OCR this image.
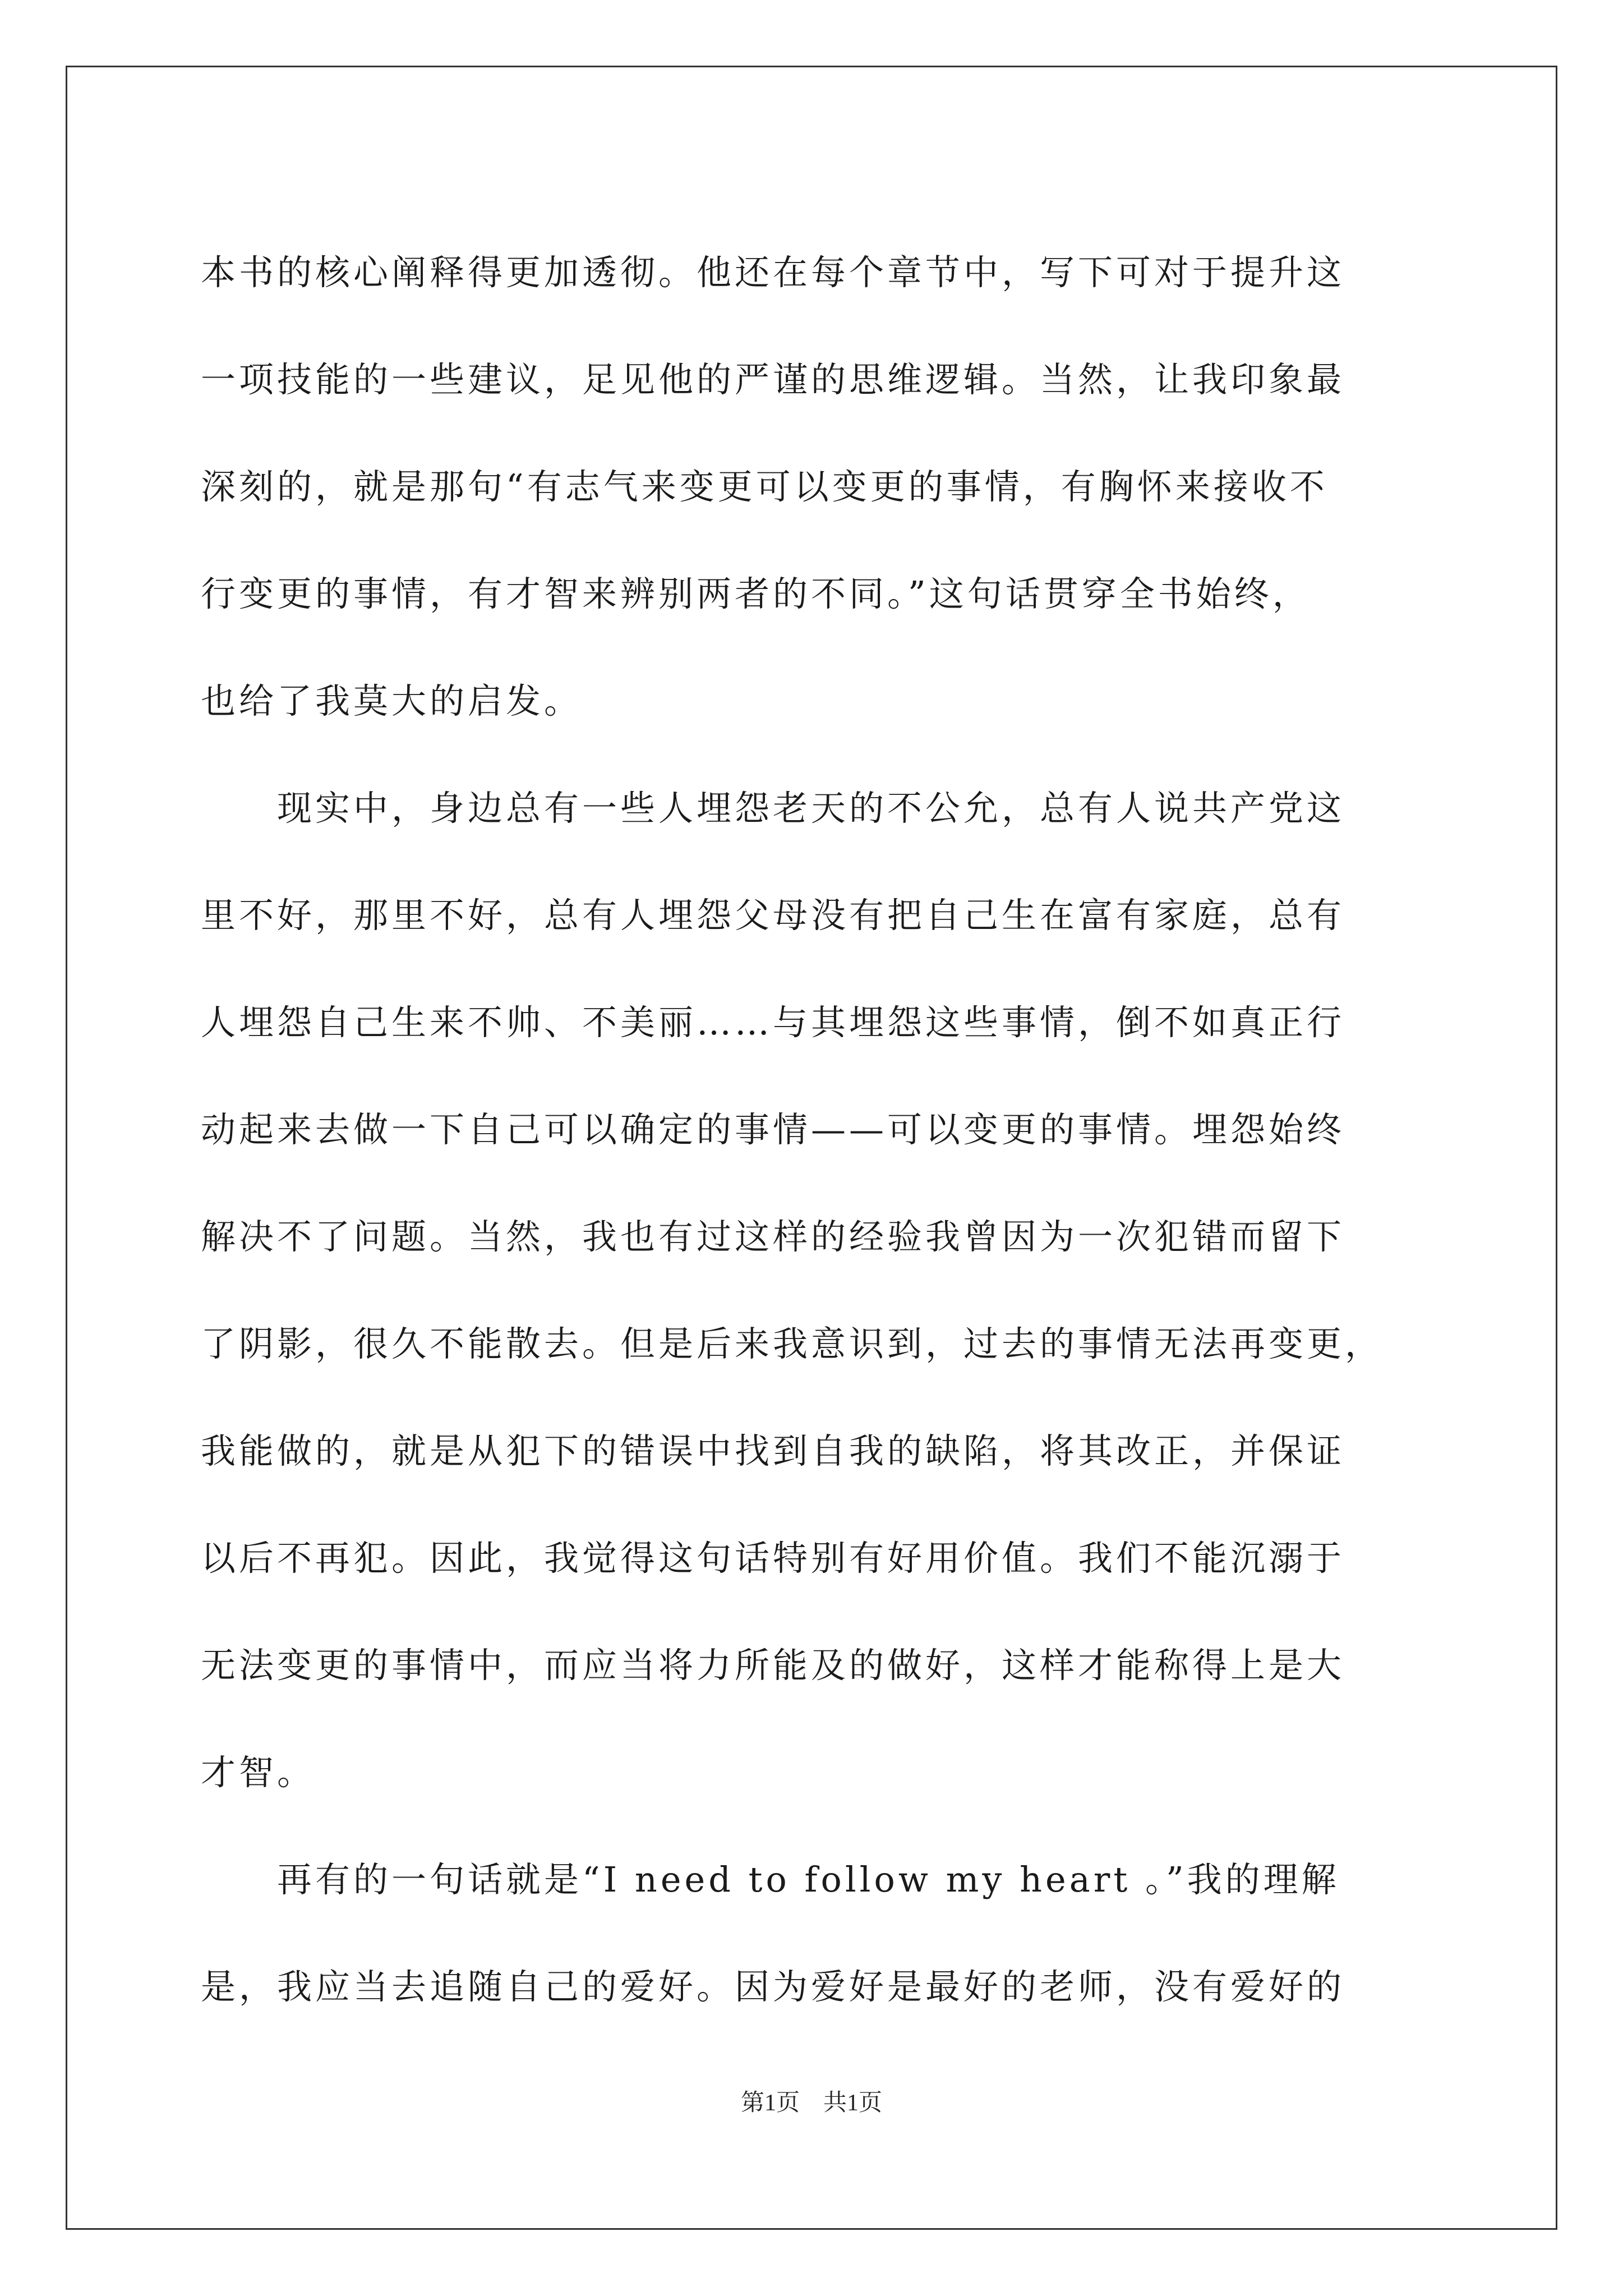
本书的核心阐释得更加透彻。他还在每个章节中，写下可对于提升这
一项技能的一些建议，足见他的严谨的思维逻辑。当然，让我印象最
深刻的，就是那句“有志气来变更可以变更的事情，有胸怀来接收不
行变更的事情，有才智来辨别两者的不同。”这句话贯穿全书始终，
也给了我莫大的启发。

　　现实中，身边总有一些人埋怨老天的不公允，总有人说共产党这
里不好，那里不好，总有人埋怨父母没有把自己生在富有家庭，总有
人埋怨自己生来不帅、不美丽……与其埋怨这些事情，倒不如真正行
动起来去做一下自己可以确定的事情——可以变更的事情。埋怨始终
解决不了问题。当然，我也有过这样的经验我曾因为一次犯错而留下
了阴影，很久不能散去。但是后来我意识到，过去的事情无法再变更，
我能做的，就是从犯下的错误中找到自我的缺陷，将其改正，并保证
以后不再犯。因此，我觉得这句话特别有好用价值。我们不能沉溺于
无法变更的事情中，而应当将力所能及的做好，这样才能称得上是大
才智。

　　再有的一句话就是“I need to follow my heart 。”我的理解
是，我应当去追随自己的爱好。因为爱好是最好的老师，没有爱好的

第1页　共1页
